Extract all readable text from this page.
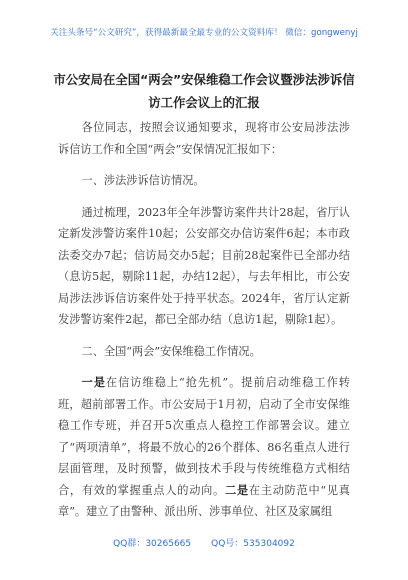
关注头条号“公文研究”，获得最新最全最专业的公文资料库！ 微信：gongwenyj
市公安局在全国“两会”安保维稳工作会议暨涉法涉诉信
访工作会议上的汇报

各位同志，按照会议通知要求，现将市公安局涉法涉诉信访工作和全国“两会”安保情况汇报如下：

一、涉法涉诉信访情况。

通过梳理，2023年全年涉警访案件共计28起，省厅认定新发涉警访案件10起；公安部交办信访案件6起；本市政法委交办7起；信访局交办5起；目前28起案件已全部办结（息访5起，剔除11起，办结12起），与去年相比，市公安局涉法涉诉信访案件处于持平状态。2024年，省厅认定新发涉警访案件2起，都已全部办结（息访1起，剔除1起）。

二、全国“两会”安保维稳工作情况。

一是在信访维稳上“抢先机”。提前启动维稳工作转班，超前部署工作。市公安局于1月初，启动了全市安保维稳工作专班，并召开5次重点人稳控工作部署会议。建立了“两项清单”，将最不放心的26个群体、86名重点人进行层面管理，及时预警，做到技术手段与传统维稳方式相结合，有效的掌握重点人的动向。二是在主动防范中“见真章”。建立了由警种、派出所、涉事单位、社区及家属组

QQ群：30265665 QQ号：535304092
